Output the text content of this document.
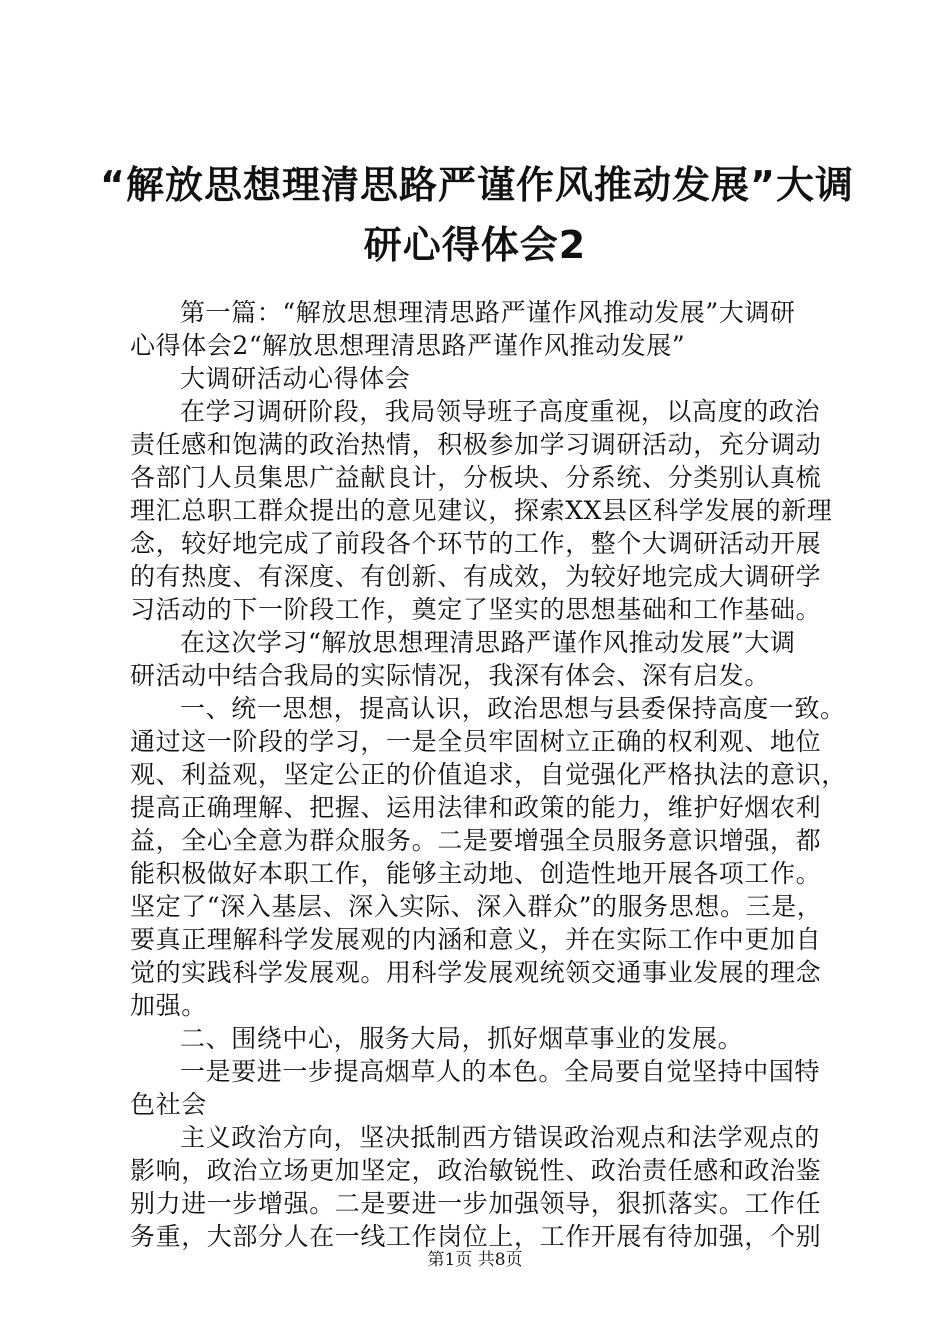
“解放思想理清思路严谨作风推动发展”大调
研心得体会2
第一篇：“解放思想理清思路严谨作风推动发展”大调研
心得体会2“解放思想理清思路严谨作风推动发展”
大调研活动心得体会
在学习调研阶段，我局领导班子高度重视，以高度的政治
责任感和饱满的政治热情，积极参加学习调研活动，充分调动
各部门人员集思广益献良计，分板块、分系统、分类别认真梳
理汇总职工群众提出的意见建议，探索XX县区科学发展的新理
念，较好地完成了前段各个环节的工作，整个大调研活动开展
的有热度、有深度、有创新、有成效，为较好地完成大调研学
习活动的下一阶段工作，奠定了坚实的思想基础和工作基础。
在这次学习“解放思想理清思路严谨作风推动发展”大调
研活动中结合我局的实际情况，我深有体会、深有启发。
一、统一思想，提高认识，政治思想与县委保持高度一致。
通过这一阶段的学习，一是全员牢固树立正确的权利观、地位
观、利益观，坚定公正的价值追求，自觉强化严格执法的意识，
提高正确理解、把握、运用法律和政策的能力，维护好烟农利
益，全心全意为群众服务。二是要增强全员服务意识增强，都
能积极做好本职工作，能够主动地、创造性地开展各项工作。
坚定了“深入基层、深入实际、深入群众”的服务思想。三是，
要真正理解科学发展观的内涵和意义，并在实际工作中更加自
觉的实践科学发展观。用科学发展观统领交通事业发展的理念
加强。
二、围绕中心，服务大局，抓好烟草事业的发展。
一是要进一步提高烟草人的本色。全局要自觉坚持中国特
色社会
主义政治方向，坚决抵制西方错误政治观点和法学观点的
影响，政治立场更加坚定，政治敏锐性、政治责任感和政治鉴
别力进一步增强。二是要进一步加强领导，狠抓落实。工作任
务重，大部分人在一线工作岗位上，工作开展有待加强，个别
第1页 共8页
